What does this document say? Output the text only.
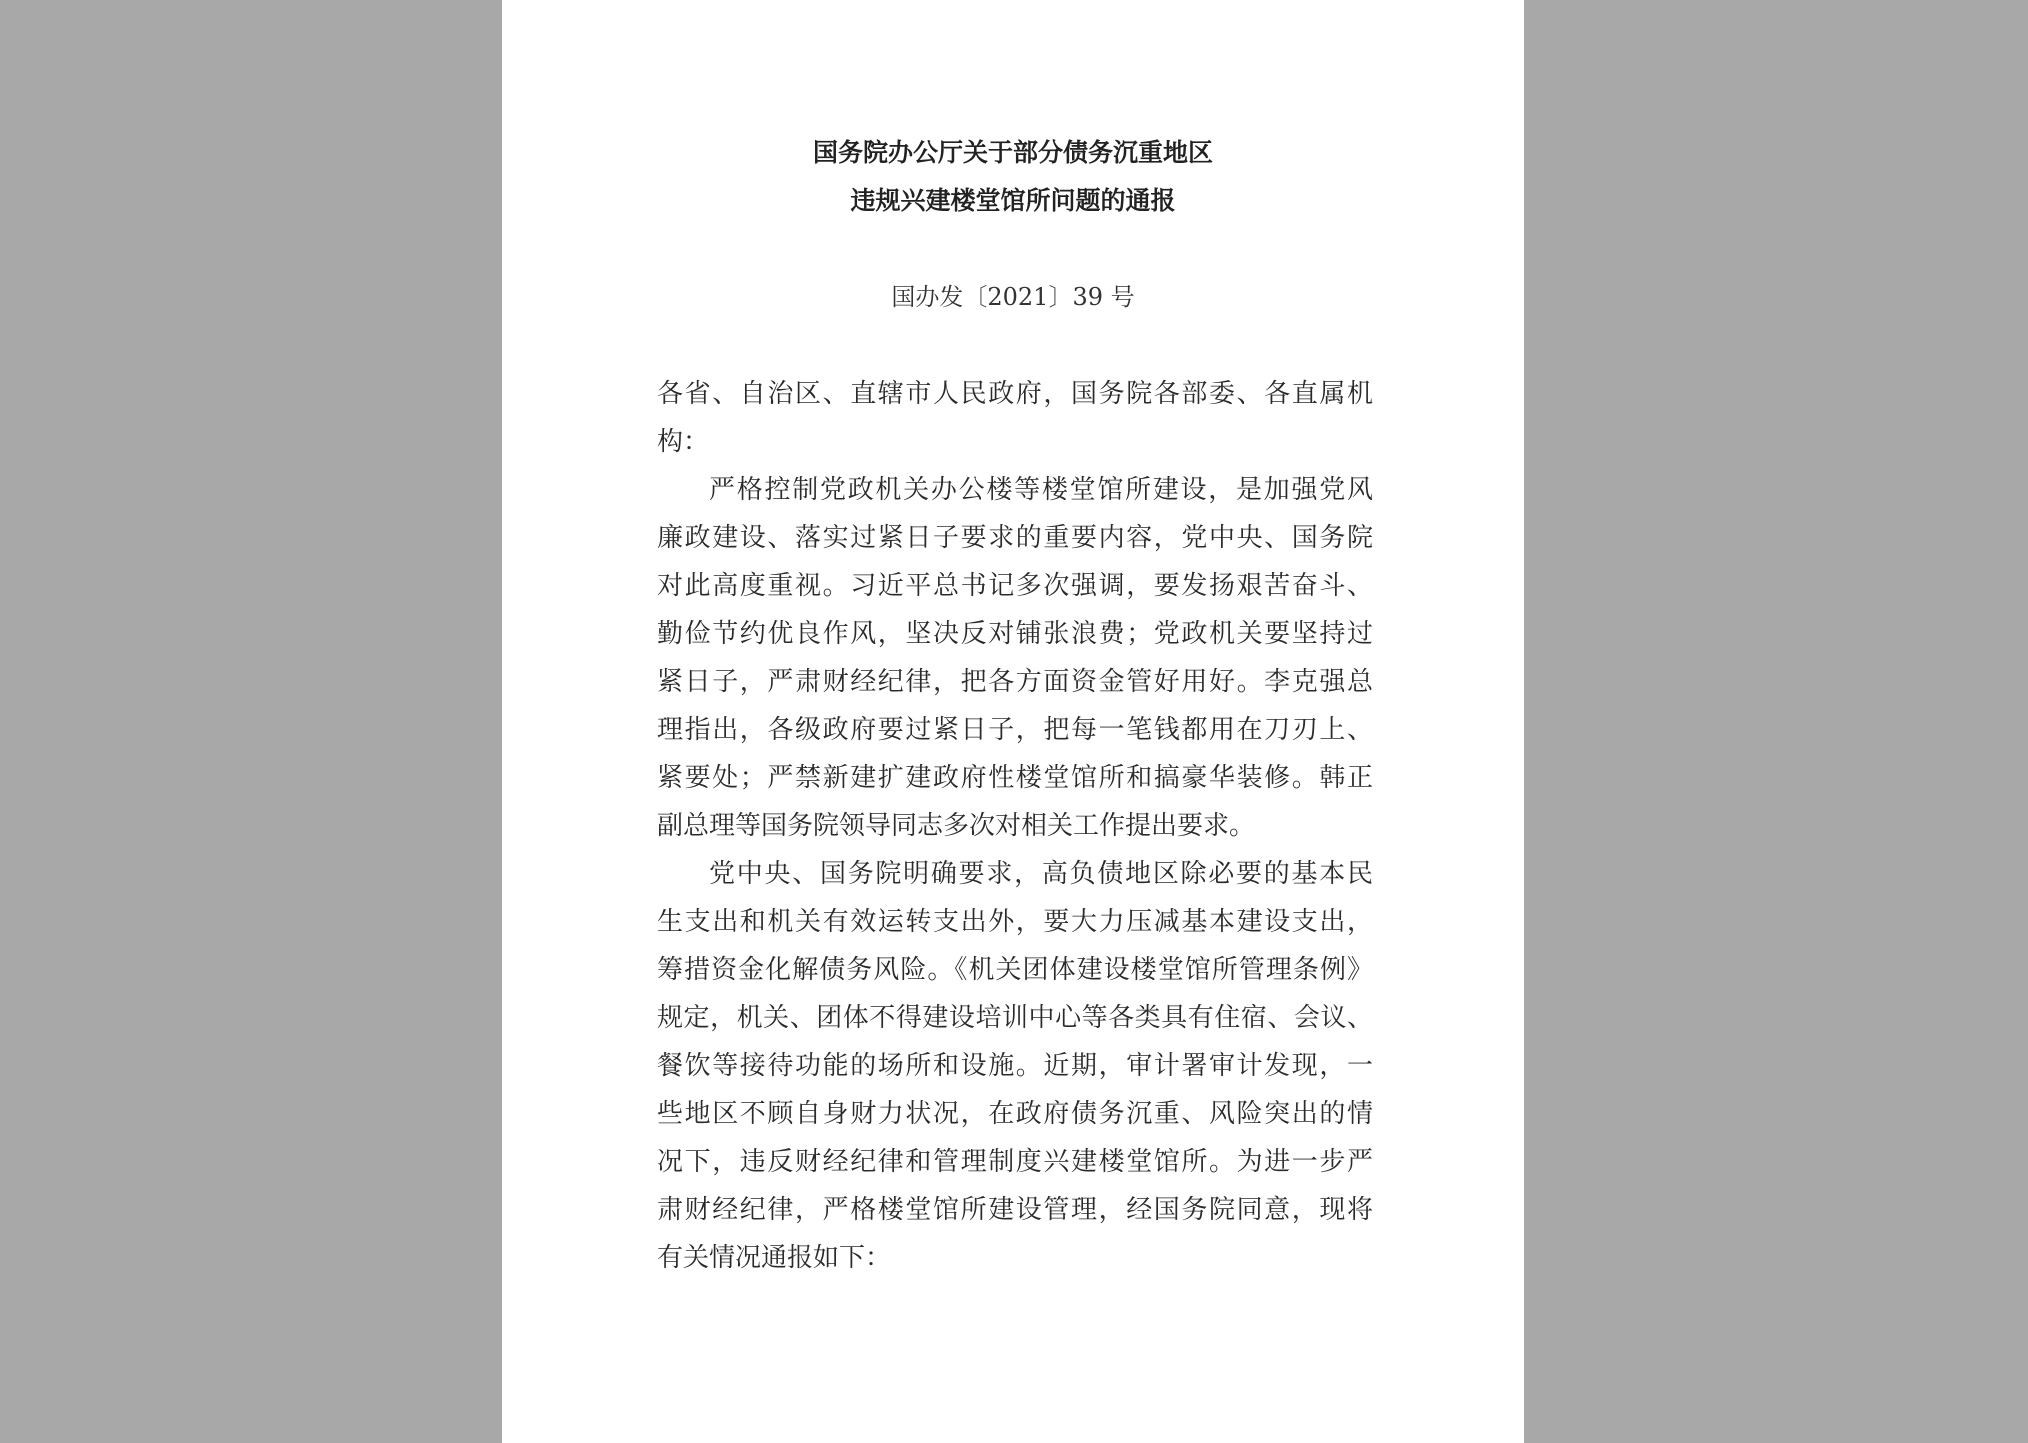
国务院办公厅关于部分债务沉重地区
违规兴建楼堂馆所问题的通报
国办发〔2021〕39 号
各省、自治区、直辖市人民政府，国务院各部委、各直属机
构：
严格控制党政机关办公楼等楼堂馆所建设，是加强党风
廉政建设、落实过紧日子要求的重要内容，党中央、国务院
对此高度重视。习近平总书记多次强调，要发扬艰苦奋斗、
勤俭节约优良作风，坚决反对铺张浪费；党政机关要坚持过
紧日子，严肃财经纪律，把各方面资金管好用好。李克强总
理指出，各级政府要过紧日子，把每一笔钱都用在刀刃上、
紧要处；严禁新建扩建政府性楼堂馆所和搞豪华装修。韩正
副总理等国务院领导同志多次对相关工作提出要求。
党中央、国务院明确要求，高负债地区除必要的基本民
生支出和机关有效运转支出外，要大力压减基本建设支出，
筹措资金化解债务风险。《机关团体建设楼堂馆所管理条例》
规定，机关、团体不得建设培训中心等各类具有住宿、会议、
餐饮等接待功能的场所和设施。近期，审计署审计发现，一
些地区不顾自身财力状况，在政府债务沉重、风险突出的情
况下，违反财经纪律和管理制度兴建楼堂馆所。为进一步严
肃财经纪律，严格楼堂馆所建设管理，经国务院同意，现将
有关情况通报如下：
